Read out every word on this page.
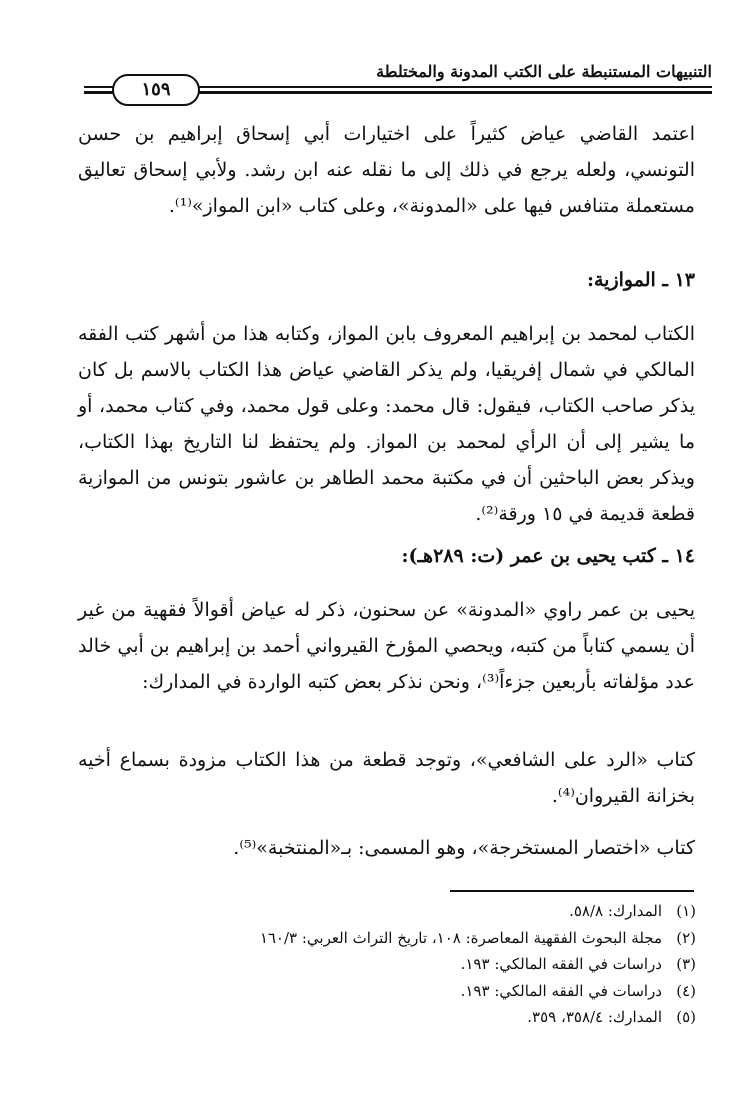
التنبيهات المستنبطة على الكتب المدونة والمختلطة
١٥٩
اعتمد القاضي عياض كثيراً على اختيارات أبي إسحاق إبراهيم بن حسن التونسي، ولعله يرجع في ذلك إلى ما نقله عنه ابن رشد. ولأبي إسحاق تعاليق مستعملة متنافس فيها على «المدونة»، وعلى كتاب «ابن المواز»⁽¹⁾.
١٣ ـ الموازية:
الكتاب لمحمد بن إبراهيم المعروف بابن المواز، وكتابه هذا من أشهر كتب الفقه المالكي في شمال إفريقيا، ولم يذكر القاضي عياض هذا الكتاب بالاسم بل كان يذكر صاحب الكتاب، فيقول: قال محمد: وعلى قول محمد، وفي كتاب محمد، أو ما يشير إلى أن الرأي لمحمد بن المواز. ولم يحتفظ لنا التاريخ بهذا الكتاب، ويذكر بعض الباحثين أن في مكتبة محمد الطاهر بن عاشور بتونس من الموازية قطعة قديمة في ١٥ ورقة⁽²⁾.
١٤ ـ كتب يحيى بن عمر (ت: ٢٨٩هـ):
يحيى بن عمر راوي «المدونة» عن سحنون، ذكر له عياض أقوالاً فقهية من غير أن يسمي كتاباً من كتبه، ويحصي المؤرخ القيرواني أحمد بن إبراهيم بن أبي خالد عدد مؤلفاته بأربعين جزءاً⁽³⁾، ونحن نذكر بعض كتبه الواردة في المدارك:
كتاب «الرد على الشافعي»، وتوجد قطعة من هذا الكتاب مزودة بسماع أخيه بخزانة القيروان⁽⁴⁾.
كتاب «اختصار المستخرجة»، وهو المسمى: بـ«المنتخبة»⁽⁵⁾.
(١)
المدارك: ٥٨/٨.
(٢)
مجلة البحوث الفقهية المعاصرة: ١٠٨، تاريخ التراث العربي: ١٦٠/٣
(٣)
دراسات في الفقه المالكي: ١٩٣.
(٤)
دراسات في الفقه المالكي: ١٩٣.
(٥)
المدارك: ٣٥٨/٤، ٣٥٩.
